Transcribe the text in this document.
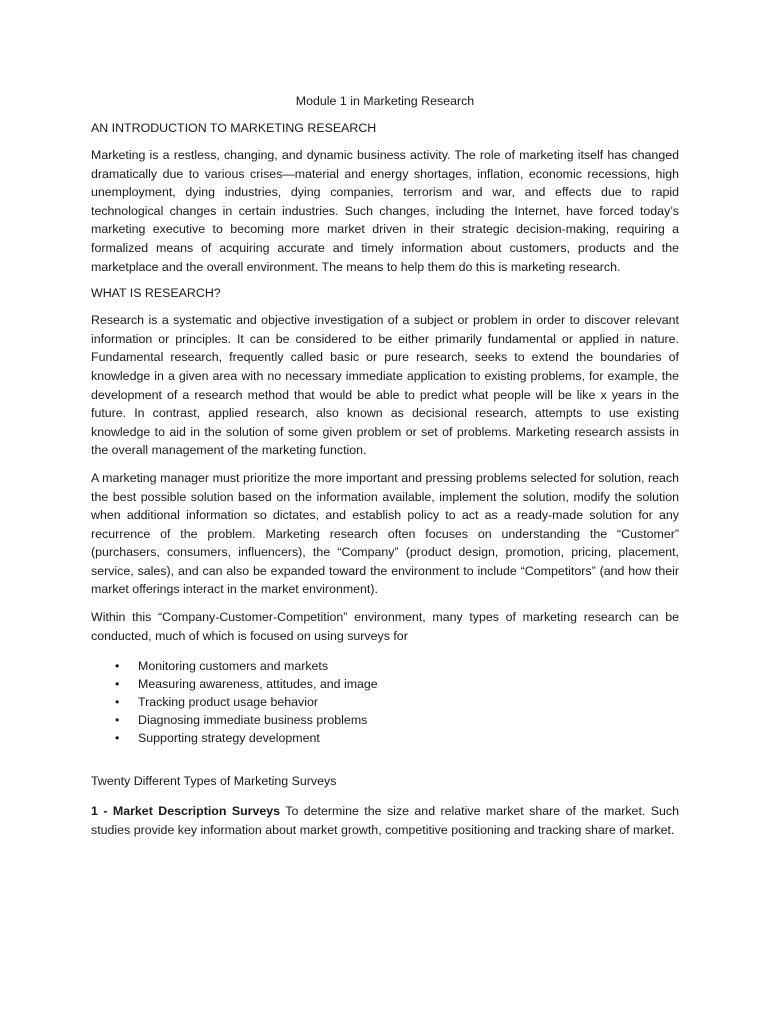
Module 1 in Marketing Research
AN INTRODUCTION TO MARKETING RESEARCH

Marketing is a restless, changing, and dynamic business activity. The role of marketing itself has changed dramatically due to various crises—material and energy shortages, inflation, economic recessions, high unemployment, dying industries, dying companies, terrorism and war, and effects due to rapid technological changes in certain industries. Such changes, including the Internet, have forced today’s marketing executive to becoming more market driven in their strategic decision-making, requiring a formalized means of acquiring accurate and timely information about customers, products and the marketplace and the overall environment. The means to help them do this is marketing research.

WHAT IS RESEARCH?

Research is a systematic and objective investigation of a subject or problem in order to discover relevant information or principles. It can be considered to be either primarily fundamental or applied in nature. Fundamental research, frequently called basic or pure research, seeks to extend the boundaries of knowledge in a given area with no necessary immediate application to existing problems, for example, the development of a research method that would be able to predict what people will be like x years in the future. In contrast, applied research, also known as decisional research, attempts to use existing knowledge to aid in the solution of some given problem or set of problems. Marketing research assists in the overall management of the marketing function.

A marketing manager must prioritize the more important and pressing problems selected for solution, reach the best possible solution based on the information available, implement the solution, modify the solution when additional information so dictates, and establish policy to act as a ready-made solution for any recurrence of the problem. Marketing research often focuses on understanding the “Customer” (purchasers, consumers, influencers), the “Company” (product design, promotion, pricing, placement, service, sales), and can also be expanded toward the environment to include “Competitors” (and how their market offerings interact in the market environment).

Within this “Company-Customer-Competition” environment, many types of marketing research can be conducted, much of which is focused on using surveys for

• Monitoring customers and markets
• Measuring awareness, attitudes, and image
• Tracking product usage behavior
• Diagnosing immediate business problems
• Supporting strategy development
Twenty Different Types of Marketing Surveys

1 - Market Description Surveys To determine the size and relative market share of the market. Such studies provide key information about market growth, competitive positioning and tracking share of market.
